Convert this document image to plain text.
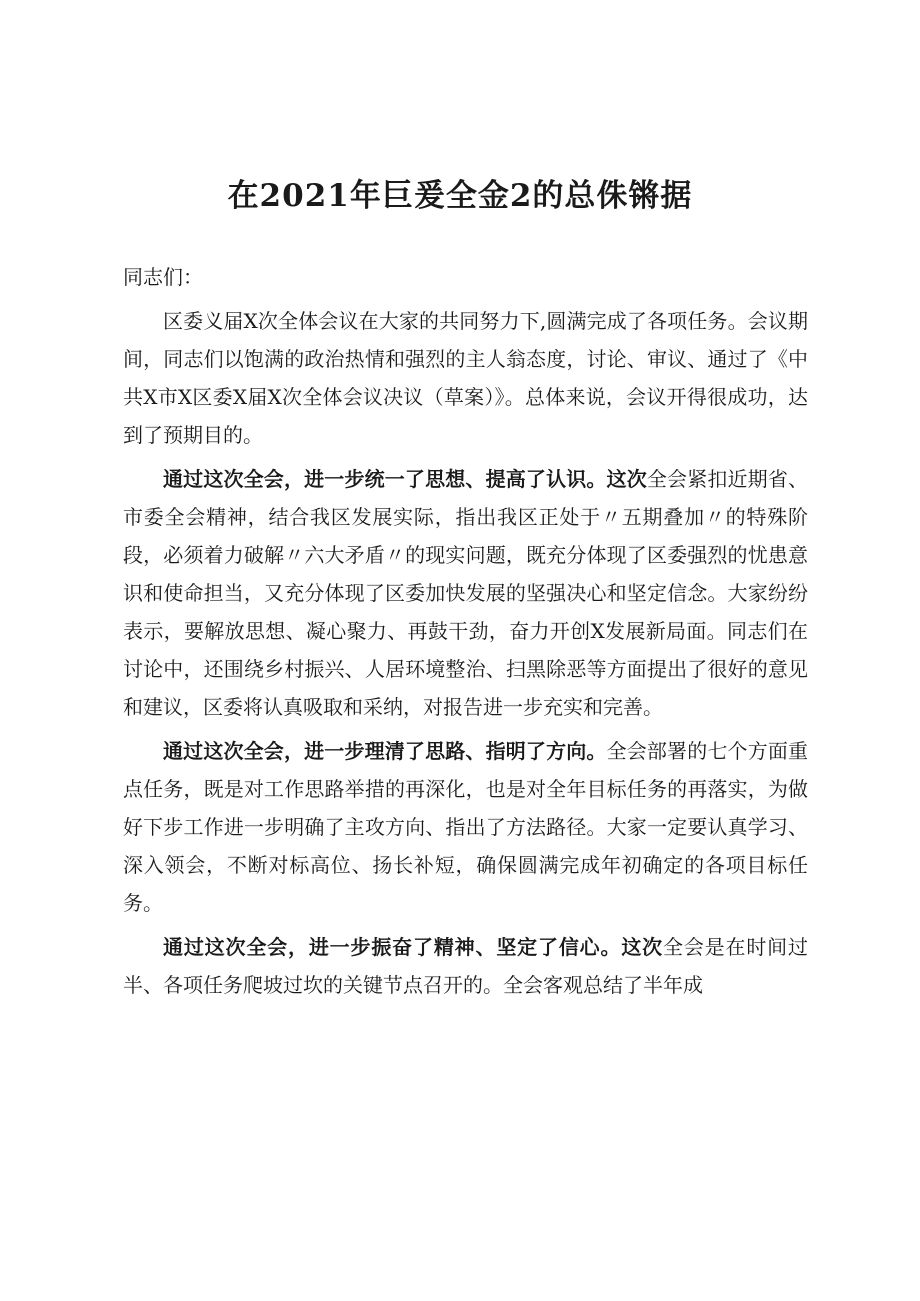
在2021年巨爰全金2的总侏锵据

同志们：

区委义届X次全体会议在大家的共同努力下,圆满完成了各项任务。会议期间，同志们以饱满的政治热情和强烈的主人翁态度，讨论、审议、通过了《中共X市X区委X届X次全体会议决议（草案）》。总体来说，会议开得很成功，达到了预期目的。

通过这次全会，进一步统一了思想、提高了认识。这次全会紧扣近期省、市委全会精神，结合我区发展实际，指出我区正处于〃五期叠加〃的特殊阶段，必须着力破解〃六大矛盾〃的现实问题，既充分体现了区委强烈的忧患意识和使命担当，又充分体现了区委加快发展的坚强决心和坚定信念。大家纷纷表示，要解放思想、凝心聚力、再鼓干劲，奋力开创X发展新局面。同志们在讨论中，还围绕乡村振兴、人居环境整治、扫黑除恶等方面提出了很好的意见和建议，区委将认真吸取和采纳，对报告进一步充实和完善。

通过这次全会，进一步理清了思路、指明了方向。全会部署的七个方面重点任务，既是对工作思路举措的再深化，也是对全年目标任务的再落实，为做好下步工作进一步明确了主攻方向、指出了方法路径。大家一定要认真学习、深入领会，不断对标高位、扬长补短，确保圆满完成年初确定的各项目标任务。

通过这次全会，进一步振奋了精神、坚定了信心。这次全会是在时间过半、各项任务爬坡过坎的关键节点召开的。全会客观总结了半年成
